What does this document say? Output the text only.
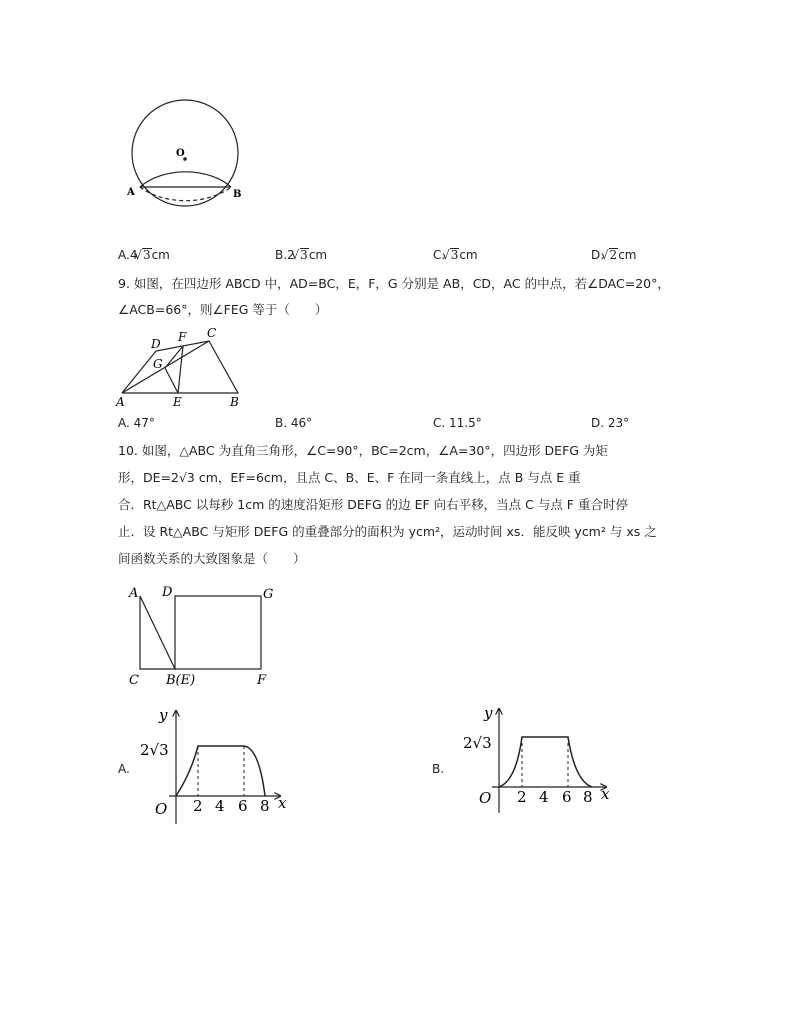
O
A	B
A.4 √ 3cm	B.2 √ 3cm	C. √ 3cm	D. √ 2cm
9. 如图，在四边形 ABCD 中，AD=BC，E，F，G 分别是 AB，CD，AC 的中点，若∠DAC=20°，
∠ACB=66°，则∠FEG 等于（　　）
A	B
C
D
E
F
G
A. 47°	B. 46°	C. 11.5°	D. 23°
10. 如图，△ABC 为直角三角形，∠C=90°，BC=2cm，∠A=30°，四边形 DEFG 为矩
形，DE=2√3 cm，EF=6cm，且点 C、B、E、F 在同一条直线上，点 B 与点 E 重
合．Rt△ABC 以每秒 1cm 的速度沿矩形 DEFG 的边 EF 向右平移，当点 C 与点 F 重合时停
止．设 Rt△ABC 与矩形 DEFG 的重叠部分的面积为 ycm²，运动时间 xs．能反映 ycm² 与 xs 之
间函数关系的大致图象是（　　）
A
C B(E)
D	G
F
A.
y
x
O
2√3
2 4 6 8
B.
y
x
O
2√3
2 4 6 8
